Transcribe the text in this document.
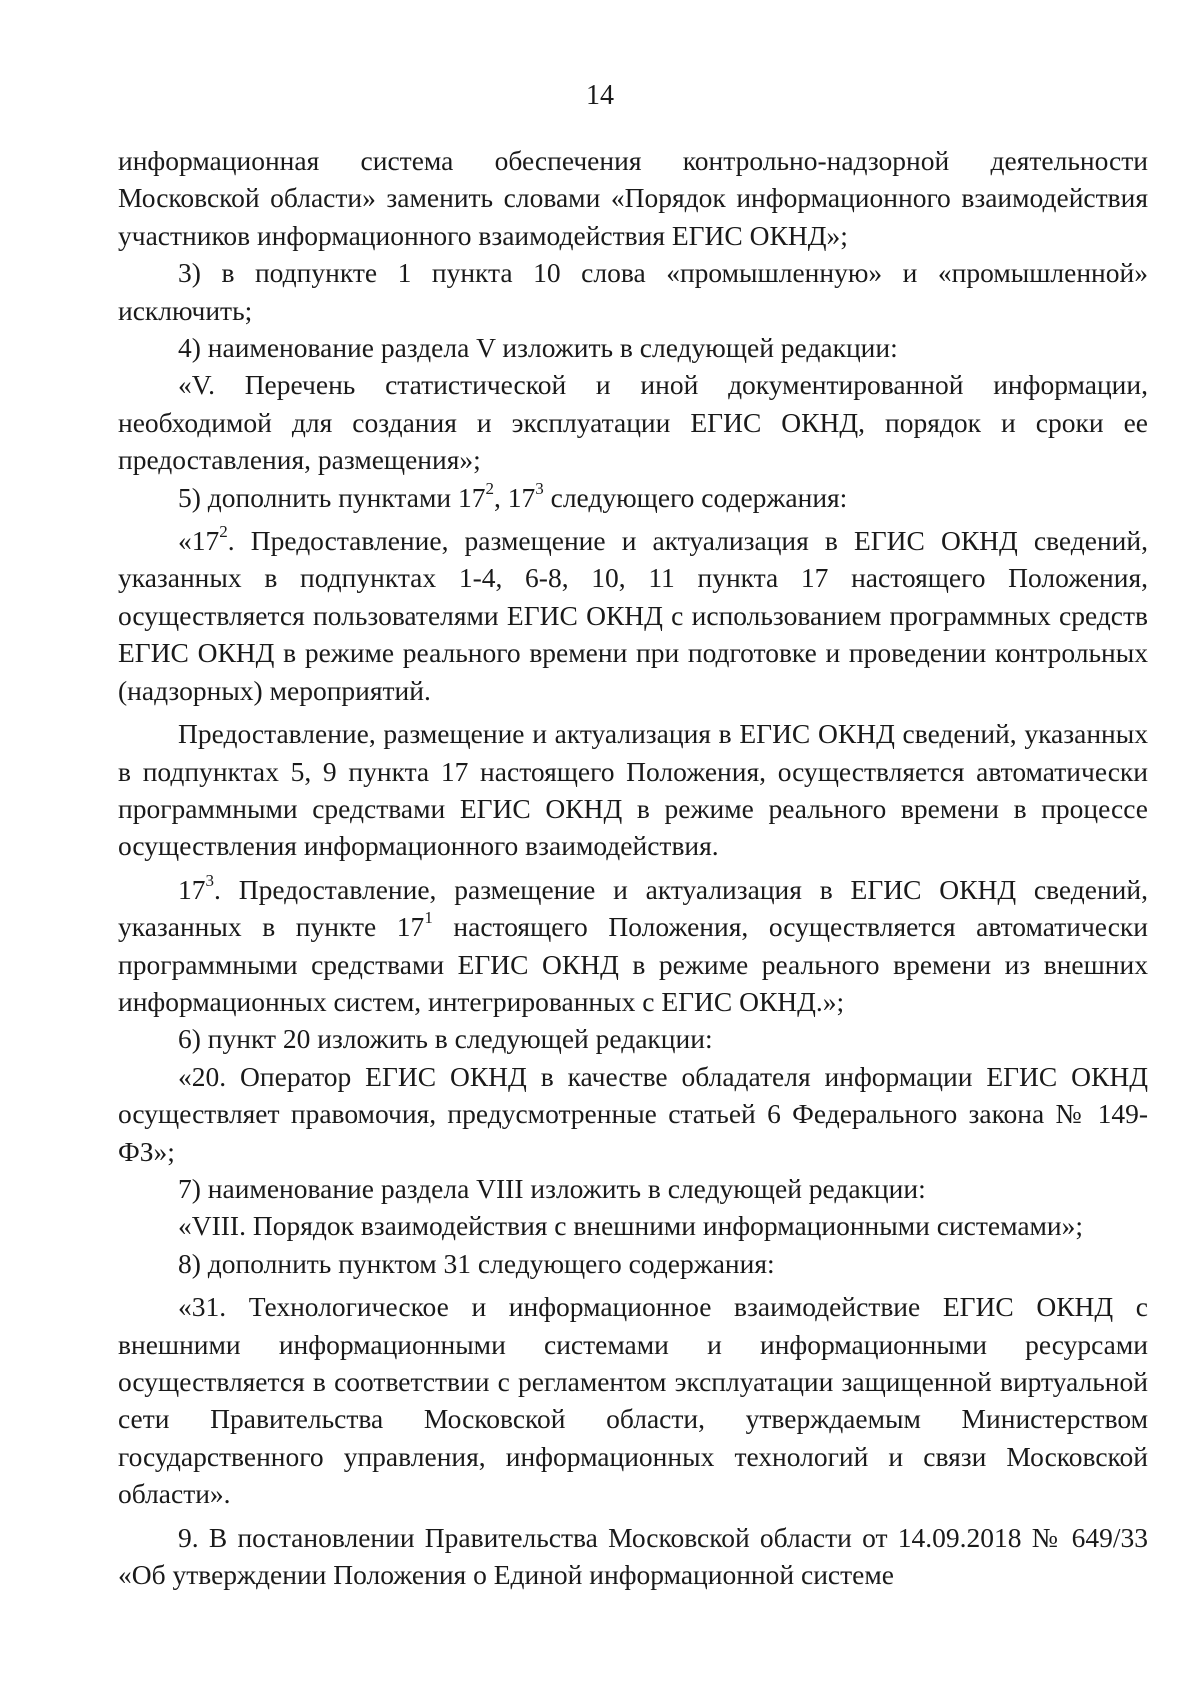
14

информационная система обеспечения контрольно-надзорной деятельности Московской области» заменить словами «Порядок информационного взаимодействия участников информационного взаимодействия ЕГИС ОКНД»;

3) в подпункте 1 пункта 10 слова «промышленную» и «промышленной» исключить;

4) наименование раздела V изложить в следующей редакции:

«V. Перечень статистической и иной документированной информации, необходимой для создания и эксплуатации ЕГИС ОКНД, порядок и сроки ее предоставления, размещения»;

5) дополнить пунктами $17^2$, $17^3$ следующего содержания:

«$17^2$. Предоставление, размещение и актуализация в ЕГИС ОКНД сведений, указанных в подпунктах 1-4, 6-8, 10, 11 пункта 17 настоящего Положения, осуществляется пользователями ЕГИС ОКНД с использованием программных средств ЕГИС ОКНД в режиме реального времени при подготовке и проведении контрольных (надзорных) мероприятий.

Предоставление, размещение и актуализация в ЕГИС ОКНД сведений, указанных в подпунктах 5, 9 пункта 17 настоящего Положения, осуществляется автоматически программными средствами ЕГИС ОКНД в режиме реального времени в процессе осуществления информационного взаимодействия.

$17^3$. Предоставление, размещение и актуализация в ЕГИС ОКНД сведений, указанных в пункте $17^1$ настоящего Положения, осуществляется автоматически программными средствами ЕГИС ОКНД в режиме реального времени из внешних информационных систем, интегрированных с ЕГИС ОКНД.»;

6) пункт 20 изложить в следующей редакции:

«20. Оператор ЕГИС ОКНД в качестве обладателя информации ЕГИС ОКНД осуществляет правомочия, предусмотренные статьей 6 Федерального закона № 149-ФЗ»;

7) наименование раздела VIII изложить в следующей редакции:

«VIII. Порядок взаимодействия с внешними информационными системами»;

8) дополнить пунктом 31 следующего содержания:

«31. Технологическое и информационное взаимодействие ЕГИС ОКНД с внешними информационными системами и информационными ресурсами осуществляется в соответствии с регламентом эксплуатации защищенной виртуальной сети Правительства Московской области, утверждаемым Министерством государственного управления, информационных технологий и связи Московской области».

9. В постановлении Правительства Московской области от 14.09.2018 № 649/33 «Об утверждении Положения о Единой информационной системе
